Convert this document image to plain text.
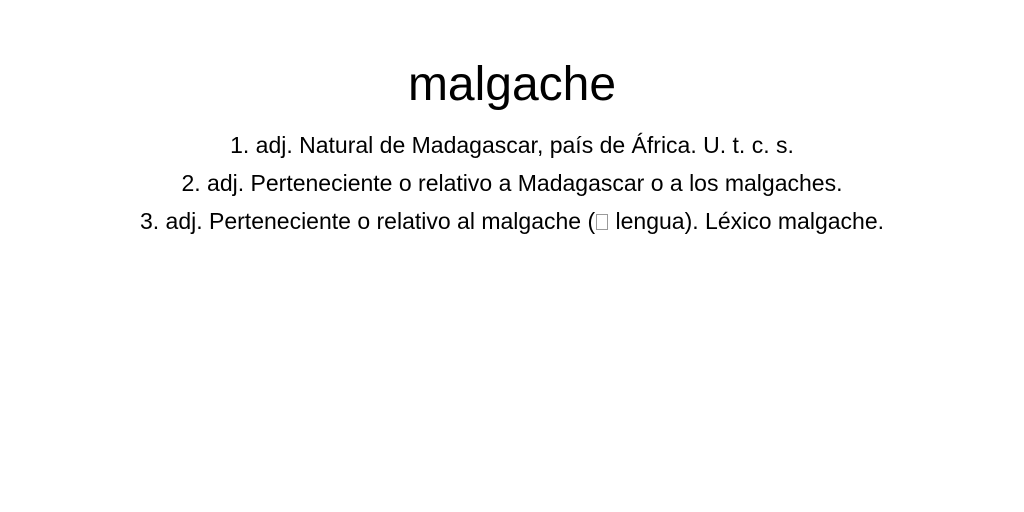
malgache
1. adj. Natural de Madagascar, país de África. U. t. c. s.
2. adj. Perteneciente o relativo a Madagascar o a los malgaches.
3. adj. Perteneciente o relativo al malgache ( lengua). Léxico malgache.
